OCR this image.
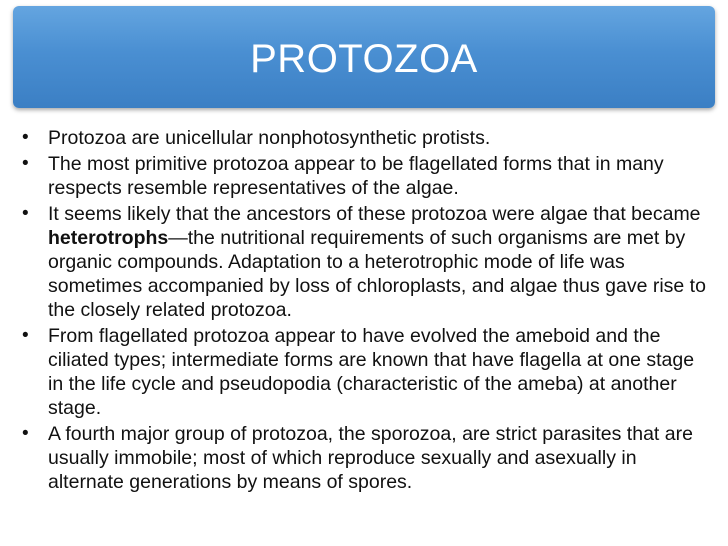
PROTOZOA
• Protozoa are unicellular nonphotosynthetic protists.
• The most primitive protozoa appear to be flagellated forms that in many respects resemble representatives of the algae.
• It seems likely that the ancestors of these protozoa were algae that became heterotrophs—the nutritional requirements of such organisms are met by organic compounds. Adaptation to a heterotrophic mode of life was sometimes accompanied by loss of chloroplasts, and algae thus gave rise to the closely related protozoa.
• From flagellated protozoa appear to have evolved the ameboid and the ciliated types; intermediate forms are known that have flagella at one stage in the life cycle and pseudopodia (characteristic of the ameba) at another stage.
• A fourth major group of protozoa, the sporozoa, are strict parasites that are usually immobile; most of which reproduce sexually and asexually in alternate generations by means of spores.
